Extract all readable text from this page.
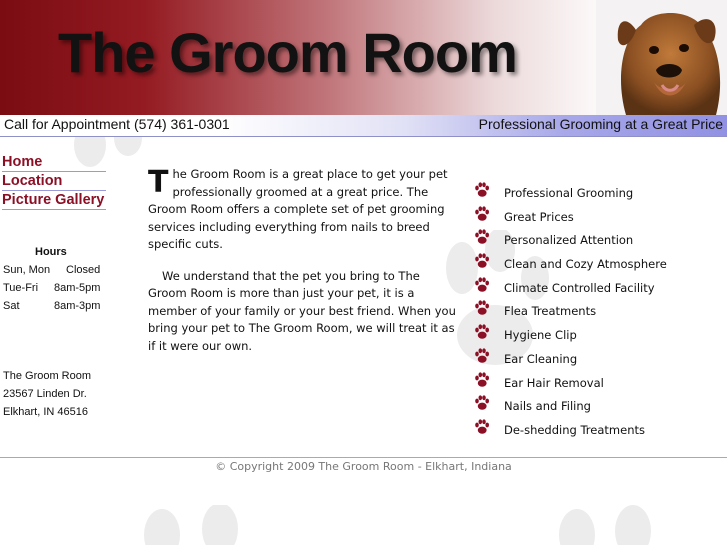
The Groom Room
Call for Appointment (574) 361-0301	Professional Grooming at a Great Price
Home
Location
Picture Gallery
Hours
Sun, Mon Closed
Tue-Fri 8am-5pm
Sat	8am-3pm
The Groom Room
23567 Linden Dr.
Elkhart, IN 46516

The Groom Room is a great place to get your pet professionally groomed at a great price. The Groom Room offers a complete set of pet grooming services including everything from nails to breed specific cuts.

We understand that the pet you bring to The Groom Room is more than just your pet, it is a member of your family or your best friend. When you bring your pet to The Groom Room, we will treat it as if it were our own.

Professional Grooming
Great Prices
Personalized Attention
Clean and Cozy Atmosphere
Climate Controlled Facility
Flea Treatments
Hygiene Clip
Ear Cleaning
Ear Hair Removal
Nails and Filing
De-shedding Treatments
© Copyright 2009 The Groom Room - Elkhart, Indiana
